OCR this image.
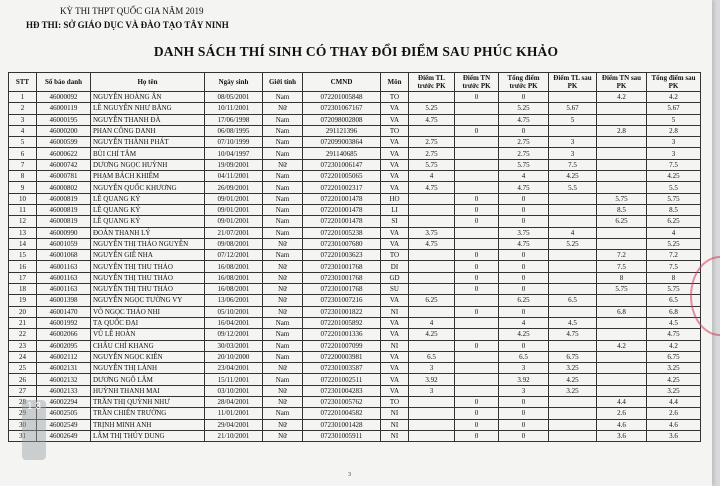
KỲ THI THPT QUỐC GIA NĂM 2019
HĐ THI: SỞ GIÁO DỤC VÀ ĐÀO TẠO TÂY NINH
DANH SÁCH THÍ SINH CÓ THAY ĐỔI ĐIỂM SAU PHÚC KHẢO
STT	Số báo danh	Họ tên	Ngày sinh	Giới tính	CMND	Môn	Điểm TL trước PK	Điểm TN trước PK	Tổng điểm trước PK	Điểm TL sau PK	Điểm TN sau PK	Tổng điểm sau PK
1	46000092	NGUYỄN HOÀNG ÂN	08/05/2001	Nam	072201005848	TO		0	0		4.2	4.2
2	46000119	LÊ NGUYỄN NHƯ BĂNG	10/11/2001	Nữ	072301067167	VA	5.25		5.25	5.67		5.67
3	46000195	NGUYỄN THANH ĐÀ	17/06/1998	Nam	072098002808	VA	4.75		4.75	5		5
4	46000200	PHAN CÔNG DANH	06/08/1995	Nam	291121396	TO		0	0		2.8	2.8
5	46000599	NGUYỄN THÀNH PHÁT	07/10/1999	Nam	072099003864	VA	2.75		2.75	3		3
6	46000622	BÙI CHÍ TÂM	10/04/1997	Nam	291140685	VA	2.75		2.75	3		3
7	46000742	DƯƠNG NGỌC HUỲNH	19/09/2001	Nữ	072301006147	VA	5.75		5.75	7.5		7.5
8	46000781	PHẠM BÁCH KHIÊM	04/11/2001	Nam	072201005065	VA	4		4	4.25		4.25
9	46000802	NGUYỄN QUỐC KHƯƠNG	26/09/2001	Nam	072201002317	VA	4.75		4.75	5.5		5.5
10	46000819	LÊ QUANG KÝ	09/01/2001	Nam	072201001478	HO		0	0		5.75	5.75
11	46000819	LÊ QUANG KÝ	09/01/2001	Nam	072201001478	LI		0	0		8.5	8.5
12	46000819	LÊ QUANG KÝ	09/01/2001	Nam	072201001478	SI		0	0		6.25	6.25
13	46000990	ĐOÀN THANH LÝ	21/07/2001	Nam	072201005238	VA	3.75		3.75	4		4
14	46001059	NGUYỄN THỊ THẢO NGUYÊN	09/08/2001	Nữ	072301007680	VA	4.75		4.75	5.25		5.25
15	46001068	NGUYỄN GIÊ NHA	07/12/2001	Nam	072201003623	TO		0	0		7.2	7.2
16	46001163	NGUYỄN THỊ THU THẢO	16/08/2001	Nữ	072301001768	DI		0	0		7.5	7.5
17	46001163	NGUYỄN THỊ THU THẢO	16/08/2001	Nữ	072301001768	GD		0	0		8	8
18	46001163	NGUYỄN THỊ THU THẢO	16/08/2001	Nữ	072301001768	SU		0	0		5.75	5.75
19	46001398	NGUYỄN NGỌC TƯỜNG VY	13/06/2001	Nữ	072301007216	VA	6.25		6.25	6.5		6.5
20	46001470	VÕ NGỌC THẢO NHI	05/10/2001	Nữ	072301001822	NI		0	0		6.8	6.8
21	46001992	TẠ QUỐC ĐẠI	16/04/2001	Nam	072201005892	VA	4		4	4.5		4.5
22	46002066	VŨ LÊ HOÀN	09/12/2001	Nam	072201001336	VA	4.25		4.25	4.75		4.75
23	46002095	CHÂU CHÍ KHANG	30/03/2001	Nam	072201007099	NI		0	0		4.2	4.2
24	46002112	NGUYỄN NGỌC KIÊN	20/10/2000	Nam	072200003981	VA	6.5		6.5	6.75		6.75
25	46002131	NGUYỄN THỊ LÀNH	23/04/2001	Nữ	072301003587	VA	3		3	3.25		3.25
26	46002132	DƯƠNG NGÔ LÂM	15/11/2001	Nam	072201002511	VA	3.92		3.92	4.25		4.25
27	46002133	HUỲNH THANH MAI	03/10/2001	Nữ	072301004283	VA	3		3	3.25		3.25
28	46002294	TRẦN THỊ QUỲNH NHƯ	28/04/2001	Nữ	072301005762	TO		0	0		4.4	4.4
29	46002505	TRẦN CHIẾN TRƯỜNG	11/01/2001	Nam	072201004582	NI		0	0		2.6	2.6
30	46002549	TRỊNH MINH ANH	29/04/2001	Nữ	072301001428	NI		0	0		4.6	4.6
31	46002649	LÂM THỊ THÚY DUNG	21/10/2001	Nữ	072301005911	NI		0	0		3.6	3.6
3
1 3
